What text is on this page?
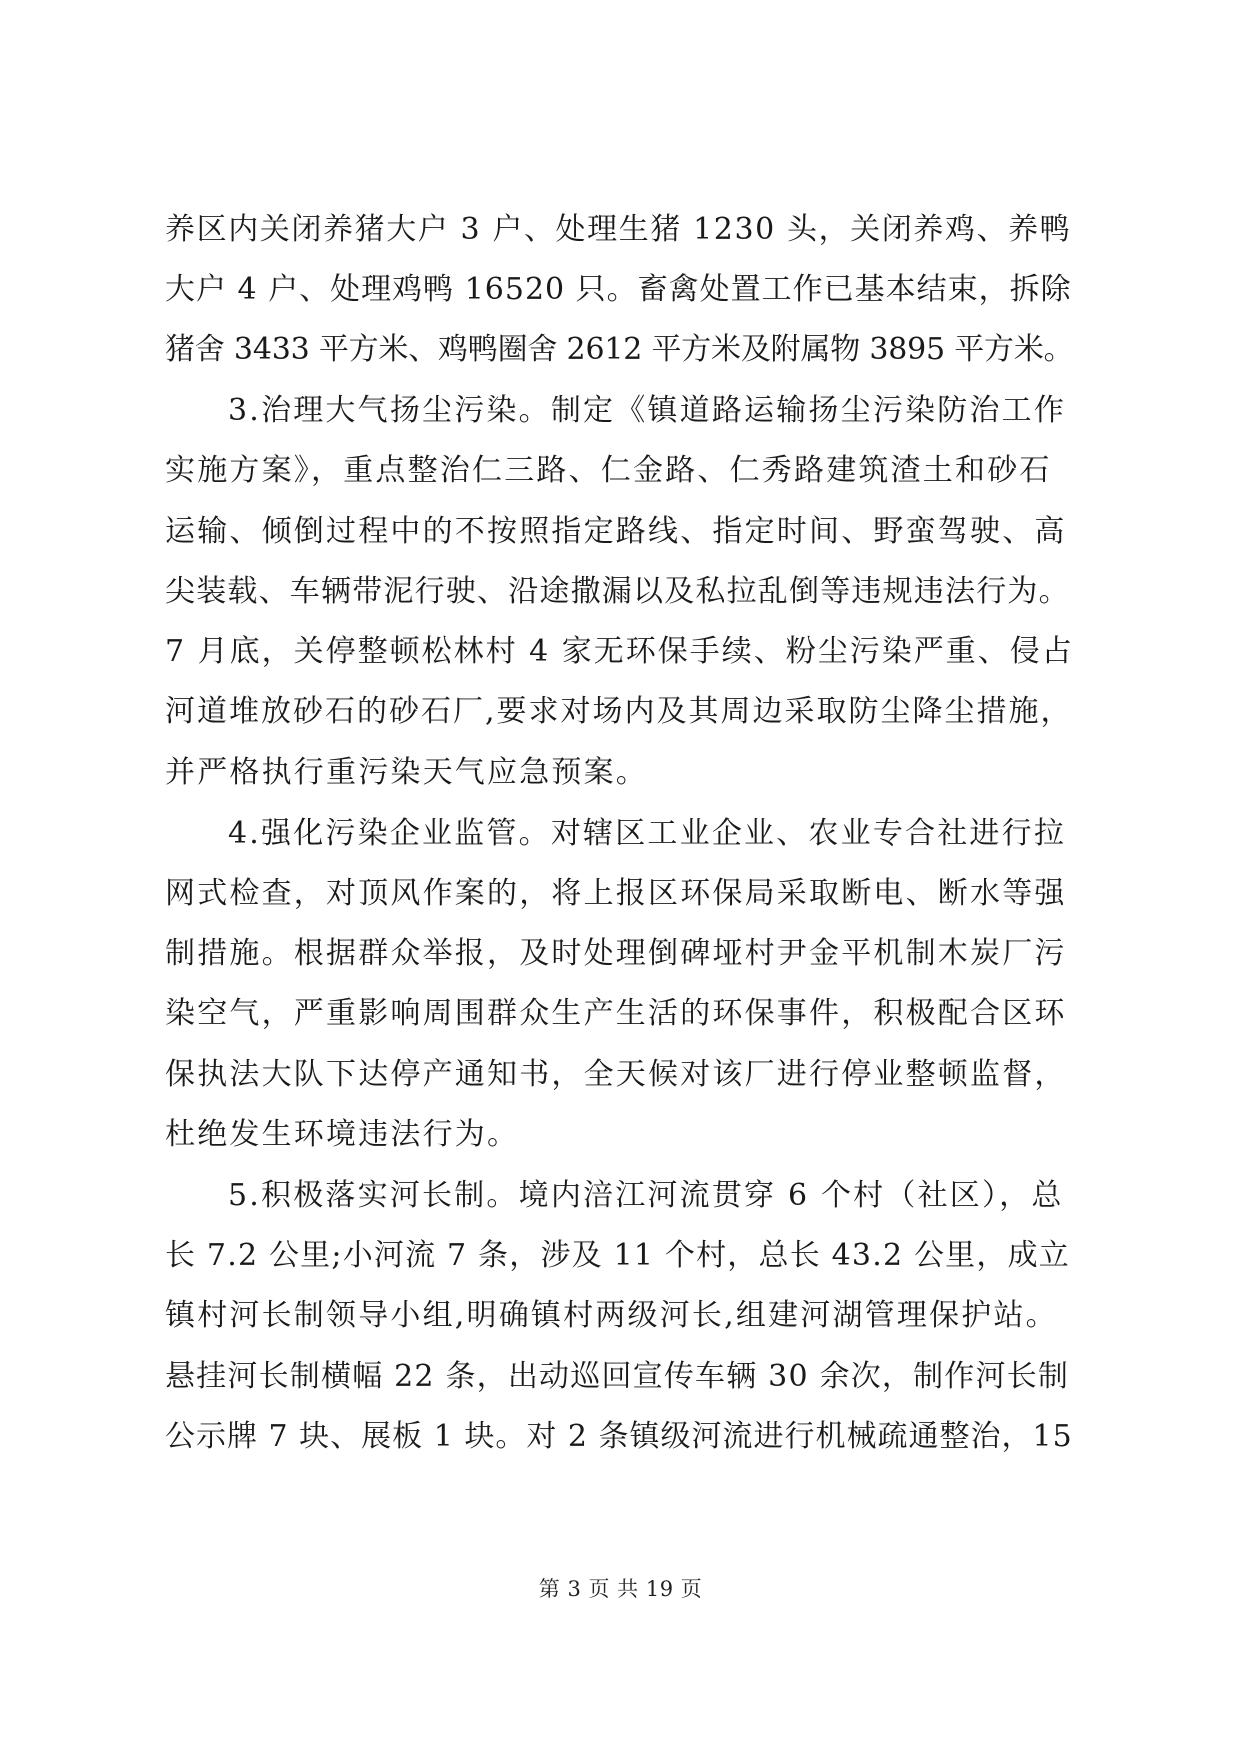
养区内关闭养猪大户 3 户、处理生猪 1230 头，关闭养鸡、养鸭
大户 4 户、处理鸡鸭 16520 只。畜禽处置工作已基本结束，拆除
猪舍 3433 平方米、鸡鸭圈舍 2612 平方米及附属物 3895 平方米。
3.治理大气扬尘污染。制定《镇道路运输扬尘污染防治工作
实施方案》，重点整治仁三路、仁金路、仁秀路建筑渣土和砂石
运输、倾倒过程中的不按照指定路线、指定时间、野蛮驾驶、高
尖装载、车辆带泥行驶、沿途撒漏以及私拉乱倒等违规违法行为。
7 月底，关停整顿松林村 4 家无环保手续、粉尘污染严重、侵占
河道堆放砂石的砂石厂,要求对场内及其周边采取防尘降尘措施，
并严格执行重污染天气应急预案。
4.强化污染企业监管。对辖区工业企业、农业专合社进行拉
网式检查，对顶风作案的，将上报区环保局采取断电、断水等强
制措施。根据群众举报，及时处理倒碑垭村尹金平机制木炭厂污
染空气，严重影响周围群众生产生活的环保事件，积极配合区环
保执法大队下达停产通知书，全天候对该厂进行停业整顿监督，
杜绝发生环境违法行为。
5.积极落实河长制。境内涪江河流贯穿 6 个村（社区），总
长 7.2 公里;小河流 7 条，涉及 11 个村，总长 43.2 公里，成立
镇村河长制领导小组,明确镇村两级河长,组建河湖管理保护站。
悬挂河长制横幅 22 条，出动巡回宣传车辆 30 余次，制作河长制
公示牌 7 块、展板 1 块。对 2 条镇级河流进行机械疏通整治，15
第 3 页 共 19 页
